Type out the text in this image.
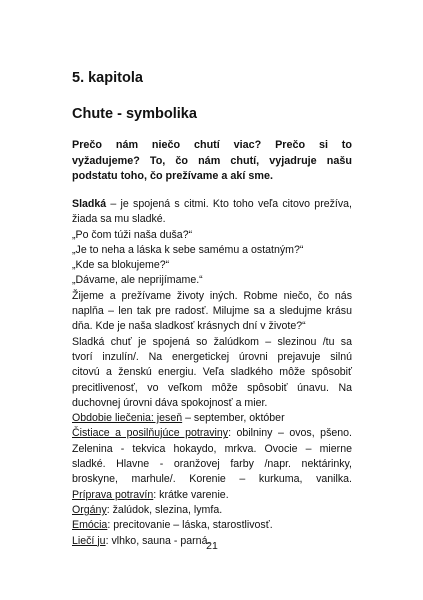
5. kapitola
Chute - symbolika
Prečo nám niečo chutí viac? Prečo si to
vyžadujeme? To, čo nám chutí, vyjadruje našu
podstatu toho, čo prežívame a akí sme.
Sladká – je spojená s citmi. Kto toho veľa citovo prežíva,
žiada sa mu sladké.
„Po čom túži naša duša?“
„Je to neha a láska k sebe samému a ostatným?“
„Kde sa blokujeme?“
„Dávame, ale neprijímame.“
Žijeme a prežívame životy iných. Robme niečo, čo nás
naplňa – len tak pre radosť. Milujme sa a sledujme krásu
dňa. Kde je naša sladkosť krásnych dní v živote?“
Sladká chuť je spojená so žalúdkom – slezinou /tu sa
tvorí inzulín/. Na energetickej úrovni prejavuje silnú
citovú a ženskú energiu. Veľa sladkého môže spôsobiť
precitlivenosť, vo veľkom môže spôsobiť únavu. Na
duchovnej úrovni dáva spokojnosť a mier.
Obdobie liečenia: jeseň – september, október
Čistiace a posilňujúce potraviny: obilniny – ovos, pšeno.
Zelenina - tekvica hokaydo, mrkva. Ovocie – mierne
sladké. Hlavne - oranžovej farby /napr. nektárinky,
broskyne, marhule/. Korenie – kurkuma, vanilka.
Príprava potravín: krátke varenie.
Orgány: žalúdok, slezina, lymfa.
Emócia: precitovanie – láska, starostlivosť.
Liečí ju: vlhko, sauna - parná.
21
